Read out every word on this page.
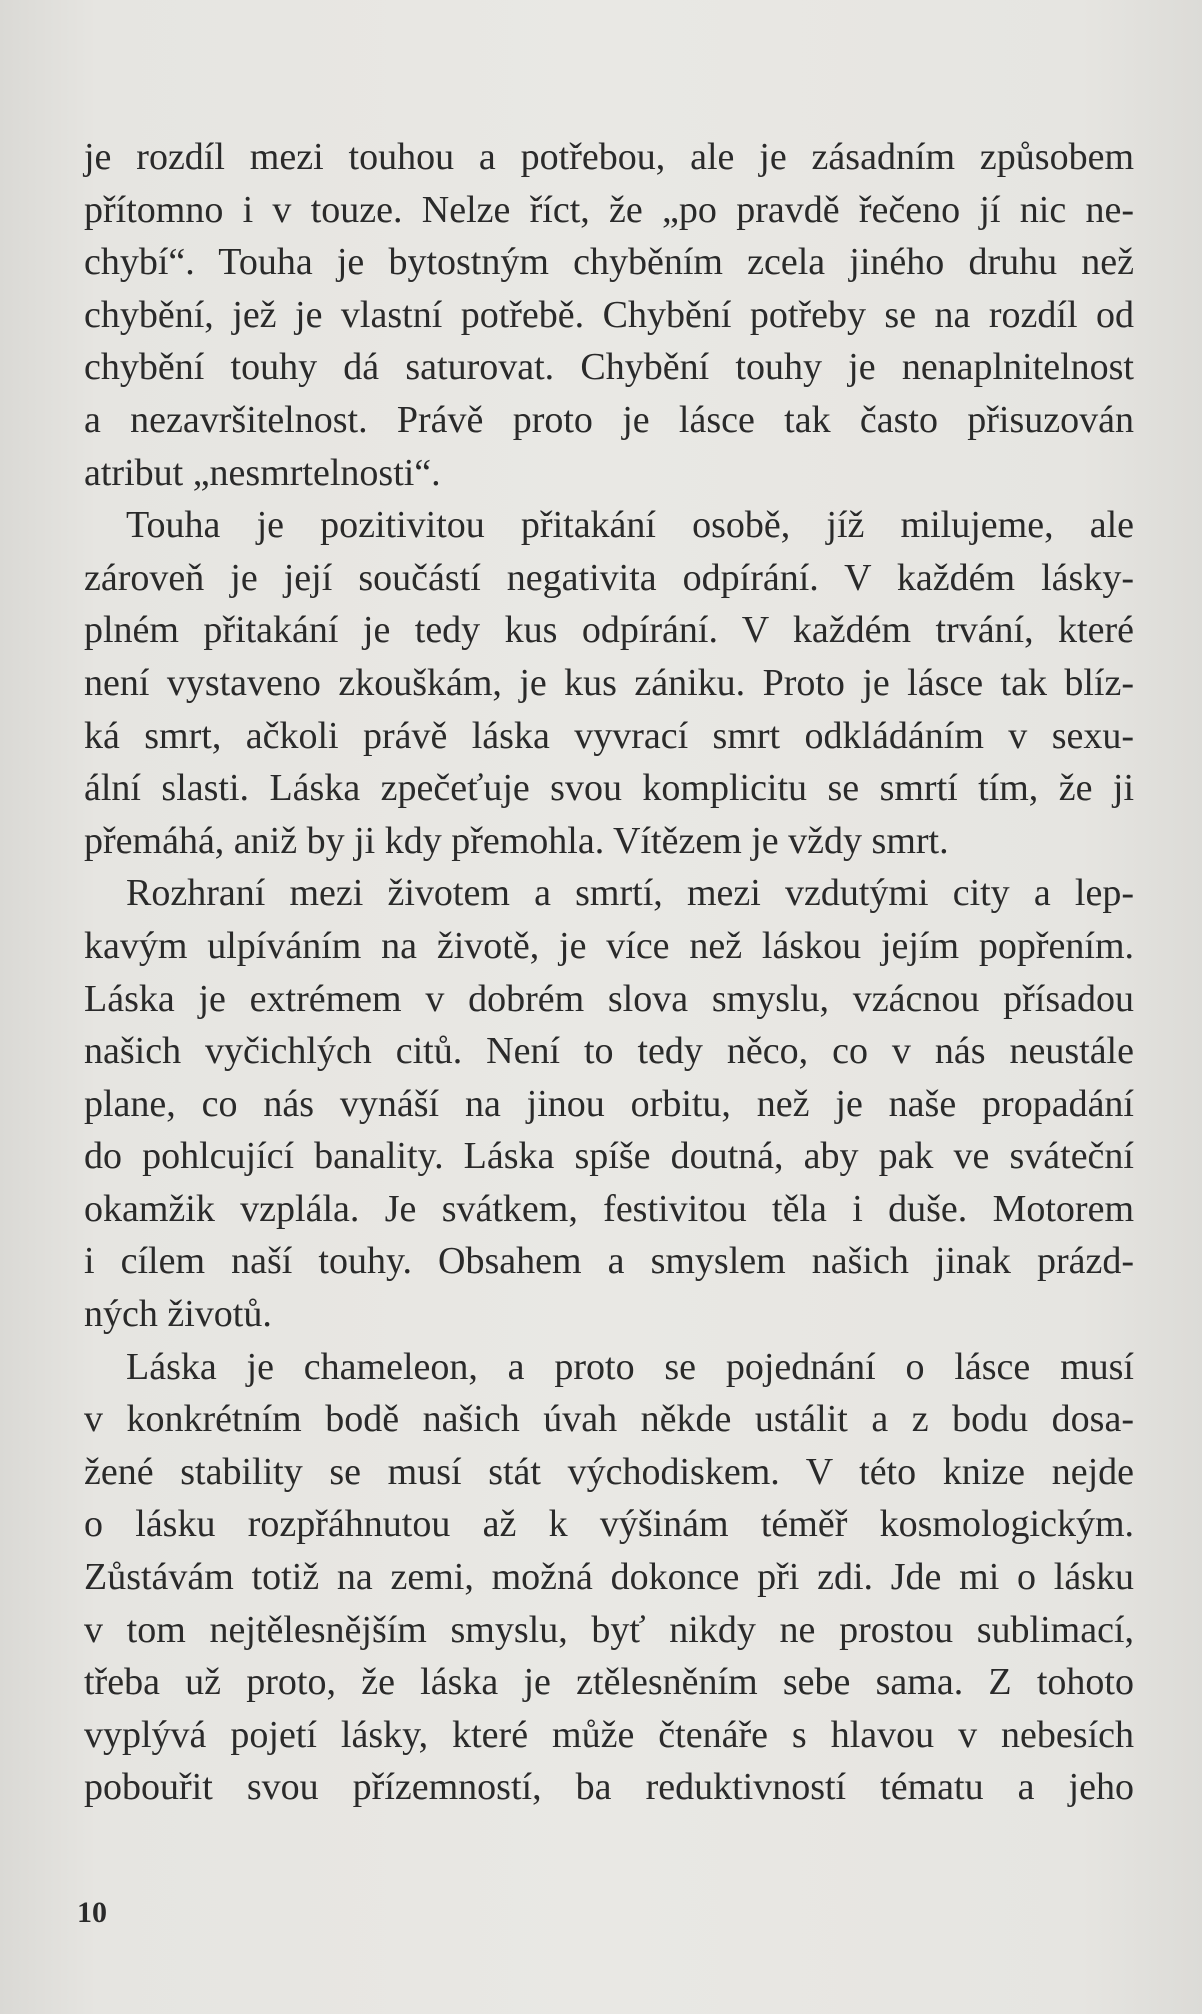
je rozdíl mezi touhou a potřebou, ale je zásadním způsobem
přítomno i v touze. Nelze říct, že „po pravdě řečeno jí nic ne-
chybí“. Touha je bytostným chyběním zcela jiného druhu než
chybění, jež je vlastní potřebě. Chybění potřeby se na rozdíl od
chybění touhy dá saturovat. Chybění touhy je nenaplnitelnost
a nezavršitelnost. Právě proto je lásce tak často přisuzován
atribut „nesmrtelnosti“.
Touha je pozitivitou přitakání osobě, jíž milujeme, ale
zároveň je její součástí negativita odpírání. V každém lásky-
plném přitakání je tedy kus odpírání. V každém trvání, které
není vystaveno zkouškám, je kus zániku. Proto je lásce tak blíz-
ká smrt, ačkoli právě láska vyvrací smrt odkládáním v sexu-
ální slasti. Láska zpečeťuje svou komplicitu se smrtí tím, že ji
přemáhá, aniž by ji kdy přemohla. Vítězem je vždy smrt.
Rozhraní mezi životem a smrtí, mezi vzdutými city a lep-
kavým ulpíváním na životě, je více než láskou jejím popřením.
Láska je extrémem v dobrém slova smyslu, vzácnou přísadou
našich vyčichlých citů. Není to tedy něco, co v nás neustále
plane, co nás vynáší na jinou orbitu, než je naše propadání
do pohlcující banality. Láska spíše doutná, aby pak ve sváteční
okamžik vzplála. Je svátkem, festivitou těla i duše. Motorem
i cílem naší touhy. Obsahem a smyslem našich jinak prázd-
ných životů.
Láska je chameleon, a proto se pojednání o lásce musí
v konkrétním bodě našich úvah někde ustálit a z bodu dosa-
žené stability se musí stát východiskem. V této knize nejde
o lásku rozpřáhnutou až k výšinám téměř kosmologickým.
Zůstávám totiž na zemi, možná dokonce při zdi. Jde mi o lásku
v tom nejtělesnějším smyslu, byť nikdy ne prostou sublimací,
třeba už proto, že láska je ztělesněním sebe sama. Z tohoto
vyplývá pojetí lásky, které může čtenáře s hlavou v nebesích
pobouřit svou přízemností, ba reduktivností tématu a jeho
10
